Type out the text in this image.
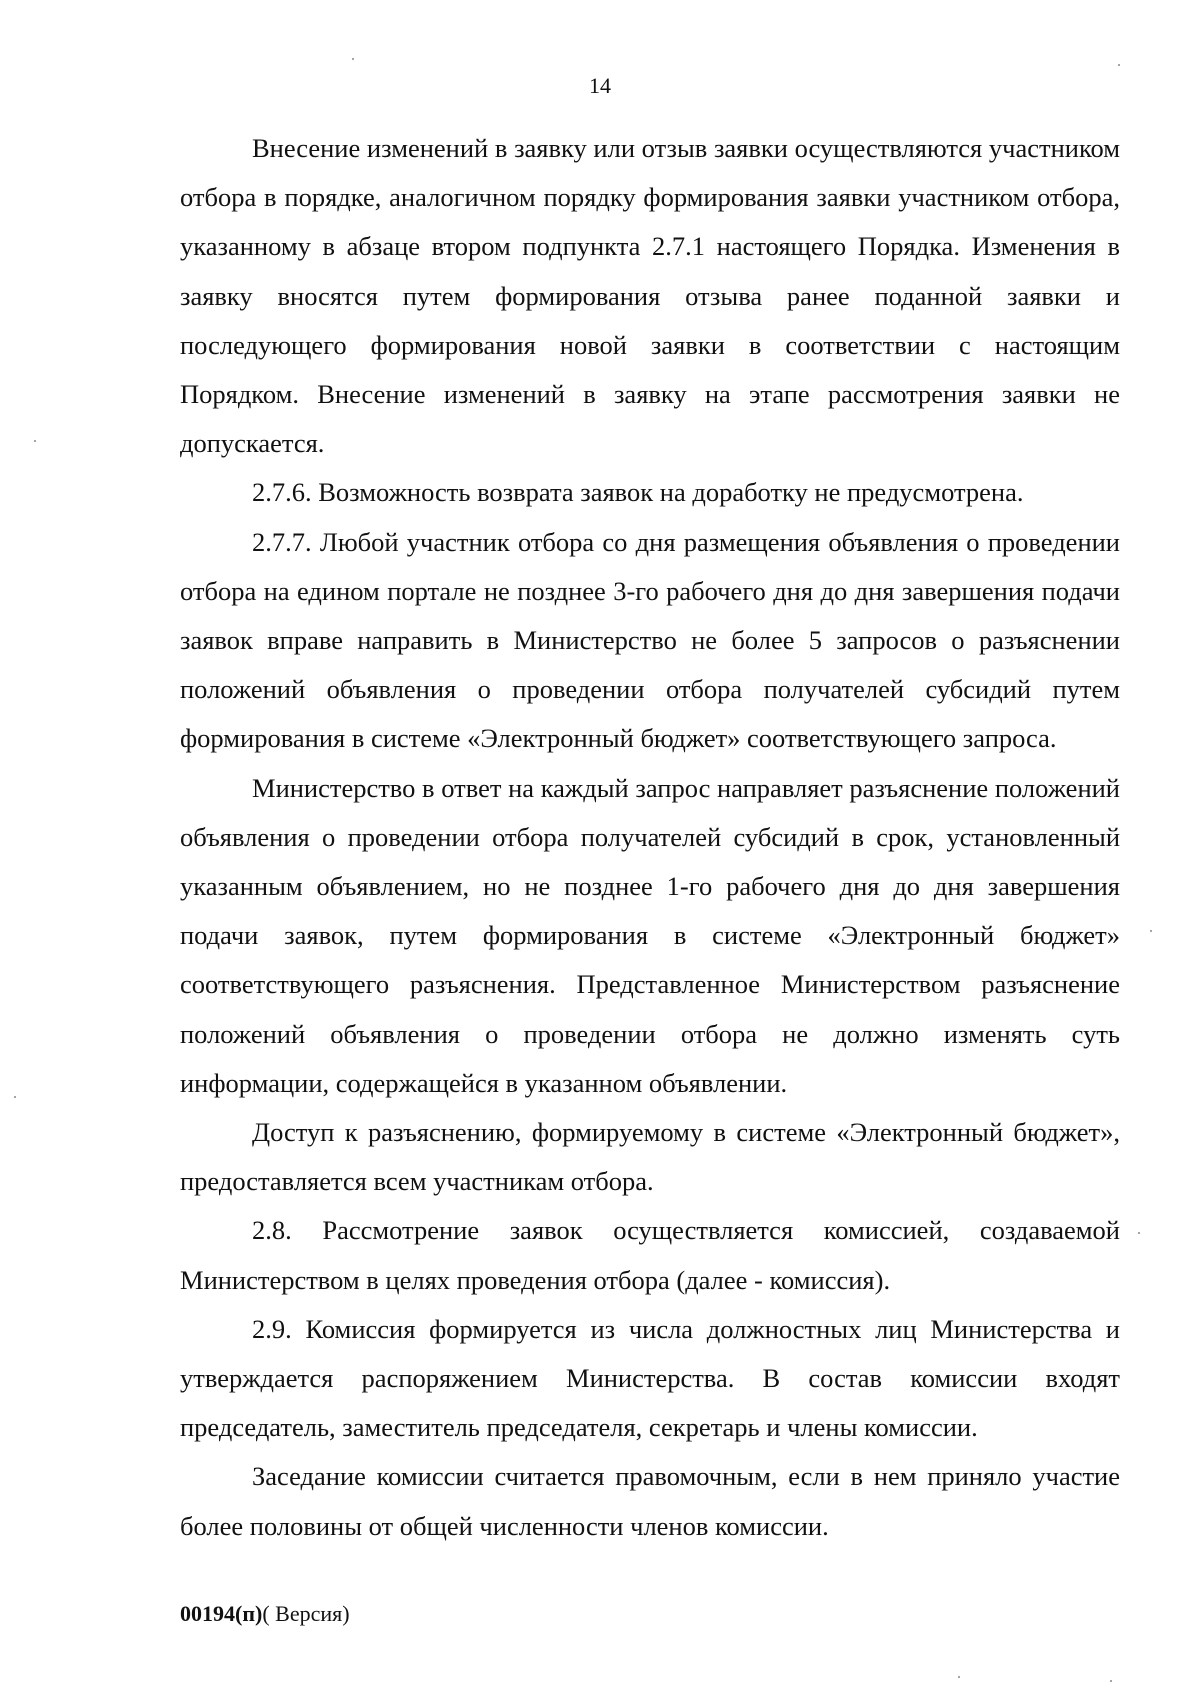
14

Внесение изменений в заявку или отзыв заявки осуществляются участником отбора в порядке, аналогичном порядку формирования заявки участником отбора, указанному в абзаце втором подпункта 2.7.1 настоящего Порядка. Изменения в заявку вносятся путем формирования отзыва ранее поданной заявки и последующего формирования новой заявки в соответствии с настоящим Порядком. Внесение изменений в заявку на этапе рассмотрения заявки не допускается.

2.7.6. Возможность возврата заявок на доработку не предусмотрена.

2.7.7. Любой участник отбора со дня размещения объявления о проведении отбора на едином портале не позднее 3-го рабочего дня до дня завершения подачи заявок вправе направить в Министерство не более 5 запросов о разъяснении положений объявления о проведении отбора получателей субсидий путем формирования в системе «Электронный бюджет» соответствующего запроса.

Министерство в ответ на каждый запрос направляет разъяснение положений объявления о проведении отбора получателей субсидий в срок, установленный указанным объявлением, но не позднее 1-го рабочего дня до дня завершения подачи заявок, путем формирования в системе «Электронный бюджет» соответствующего разъяснения. Представленное Министерством разъяснение положений объявления о проведении отбора не должно изменять суть информации, содержащейся в указанном объявлении.

Доступ к разъяснению, формируемому в системе «Электронный бюджет», предоставляется всем участникам отбора.

2.8. Рассмотрение заявок осуществляется комиссией, создаваемой Министерством в целях проведения отбора (далее - комиссия).

2.9. Комиссия формируется из числа должностных лиц Министерства и утверждается распоряжением Министерства. В состав комиссии входят председатель, заместитель председателя, секретарь и члены комиссии.

Заседание комиссии считается правомочным, если в нем приняло участие более половины от общей численности членов комиссии.

00194(п)( Версия)
